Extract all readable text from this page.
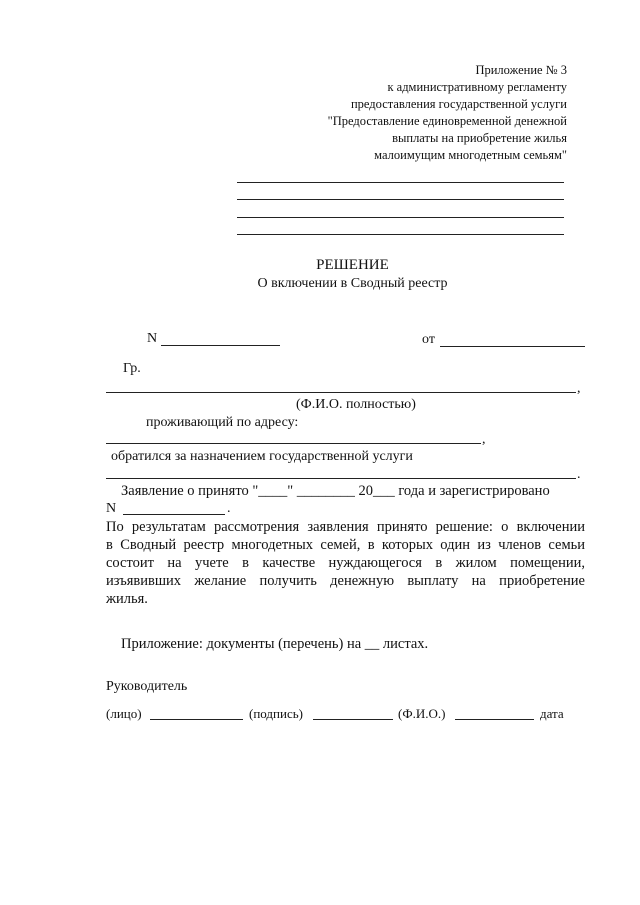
Приложение № 3
к административному регламенту
предоставления государственной услуги
"Предоставление единовременной денежной
выплаты на приобретение жилья
малоимущим многодетным семьям"
РЕШЕНИЕ
О включении в Сводный реестр
N	от
Гр.
,
(Ф.И.О. полностью)
проживающий по адресу:
,
обратился за назначением государственной услуги
.
Заявление о принято "____" ________ 20___ года и зарегистрировано
N	.
По результатам рассмотрения заявления принято решение: о включении
в Сводный реестр многодетных семей, в которых один из членов семьи
состоит на учете в качестве нуждающегося в жилом помещении,
изъявивших желание получить денежную выплату на приобретение
жилья.
Приложение: документы (перечень) на __ листах.
Руководитель
(лицо)	(подпись)	(Ф.И.О.)	дата
